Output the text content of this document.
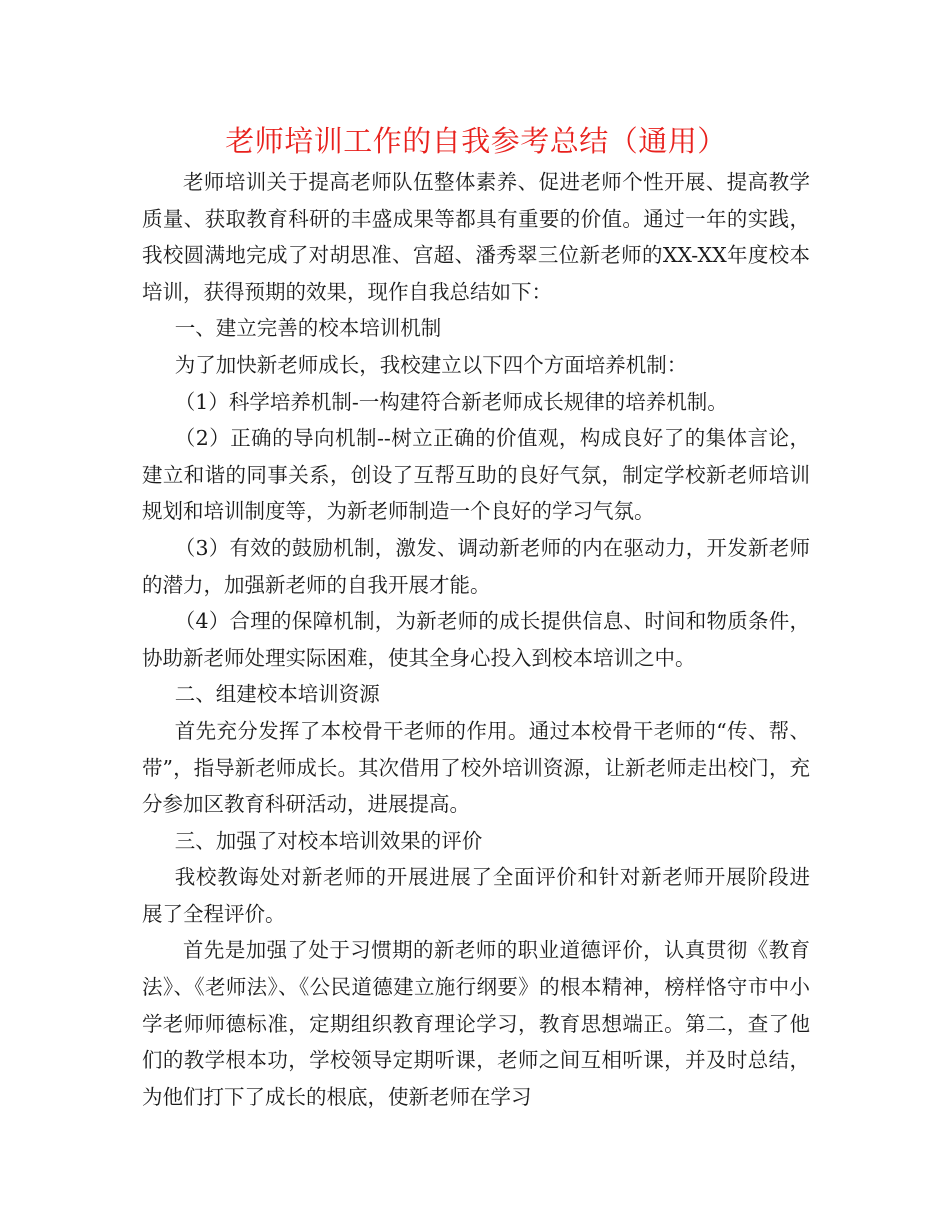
老师培训工作的自我参考总结（通用）

老师培训关于提高老师队伍整体素养、促进老师个性开展、提高教学质量、获取教育科研的丰盛成果等都具有重要的价值。通过一年的实践，我校圆满地完成了对胡思准、宫超、潘秀翠三位新老师的XX-XX年度校本培训，获得预期的效果，现作自我总结如下：

一、建立完善的校本培训机制

为了加快新老师成长，我校建立以下四个方面培养机制：

（1）科学培养机制-一构建符合新老师成长规律的培养机制。

（2）正确的导向机制--树立正确的价值观，构成良好了的集体言论，建立和谐的同事关系，创设了互帮互助的良好气氛，制定学校新老师培训规划和培训制度等，为新老师制造一个良好的学习气氛。

（3）有效的鼓励机制，激发、调动新老师的内在驱动力，开发新老师的潜力，加强新老师的自我开展才能。

（4）合理的保障机制，为新老师的成长提供信息、时间和物质条件，协助新老师处理实际困难，使其全身心投入到校本培训之中。

二、组建校本培训资源

首先充分发挥了本校骨干老师的作用。通过本校骨干老师的“传、帮、带”，指导新老师成长。其次借用了校外培训资源，让新老师走出校门，充分参加区教育科研活动，进展提高。

三、加强了对校本培训效果的评价

我校教诲处对新老师的开展进展了全面评价和针对新老师开展阶段进展了全程评价。

首先是加强了处于习惯期的新老师的职业道德评价，认真贯彻《教育法》、《老师法》、《公民道德建立施行纲要》的根本精神，榜样恪守市中小学老师师德标准，定期组织教育理论学习，教育思想端正。第二，查了他们的教学根本功，学校领导定期听课，老师之间互相听课，并及时总结，为他们打下了成长的根底，使新老师在学习
